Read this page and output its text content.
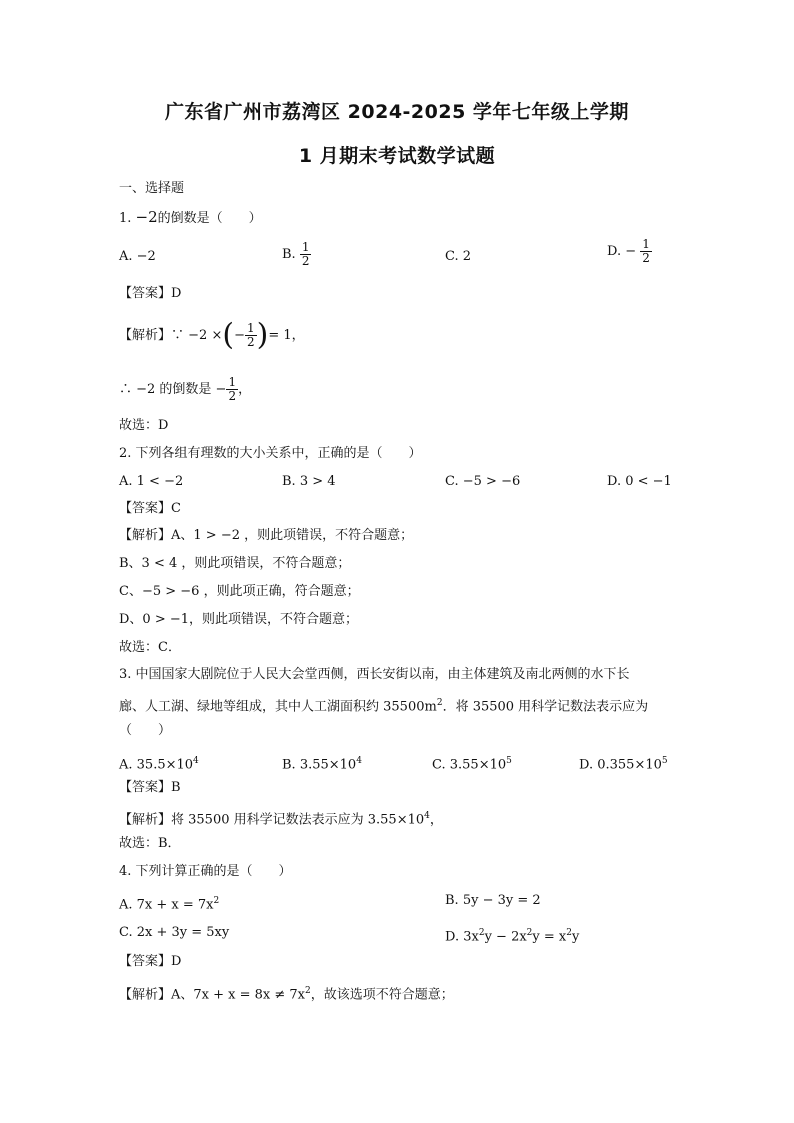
广东省广州市荔湾区 2024-2025 学年七年级上学期
1 月期末考试数学试题
一、选择题
1. −2的倒数是（　　）
A. −2	B. $\frac{1}{2}$	C. 2	D. − $\frac{1}{2}$
【答案】D
【解析】∵ −2 ×(− $\frac{1}{2}$ )= 1，
∴ −2 的倒数是 − $\frac{1}{2}$ ，
故选：D
2. 下列各组有理数的大小关系中，正确的是（　　）
A. 1 < −2	B. 3 > 4	C. −5 > −6	D. 0 < −1
【答案】C
【解析】A、1 > −2 ，则此项错误，不符合题意；
B、3 < 4 ，则此项错误，不符合题意；
C、−5 > −6 ，则此项正确，符合题意；
D、0 > −1，则此项错误，不符合题意；
故选：C．
3. 中国国家大剧院位于人民大会堂西侧，西长安街以南，由主体建筑及南北两侧的水下长
廊、人工湖、绿地等组成，其中人工湖面积约 $35500m^2$．将 35500 用科学记数法表示应为
（　　）
A. $35.5\times 10^4$	B. $3.55\times 10^4$	C. $3.55\times 10^5$	D. $0.355\times 10^5$
【答案】B
【解析】将 35500 用科学记数法表示应为 $3.55\times 10^4$，
故选：B．
4. 下列计算正确的是（　　）
A. $7x + x = 7x^2$	B. 5y − 3y = 2
C. 2x + 3y = 5xy	D. $3x^2y - 2x^2y = x^2y$
【答案】D
【解析】A、$7x + x = 8x \ne 7x^2$，故该选项不符合题意；
